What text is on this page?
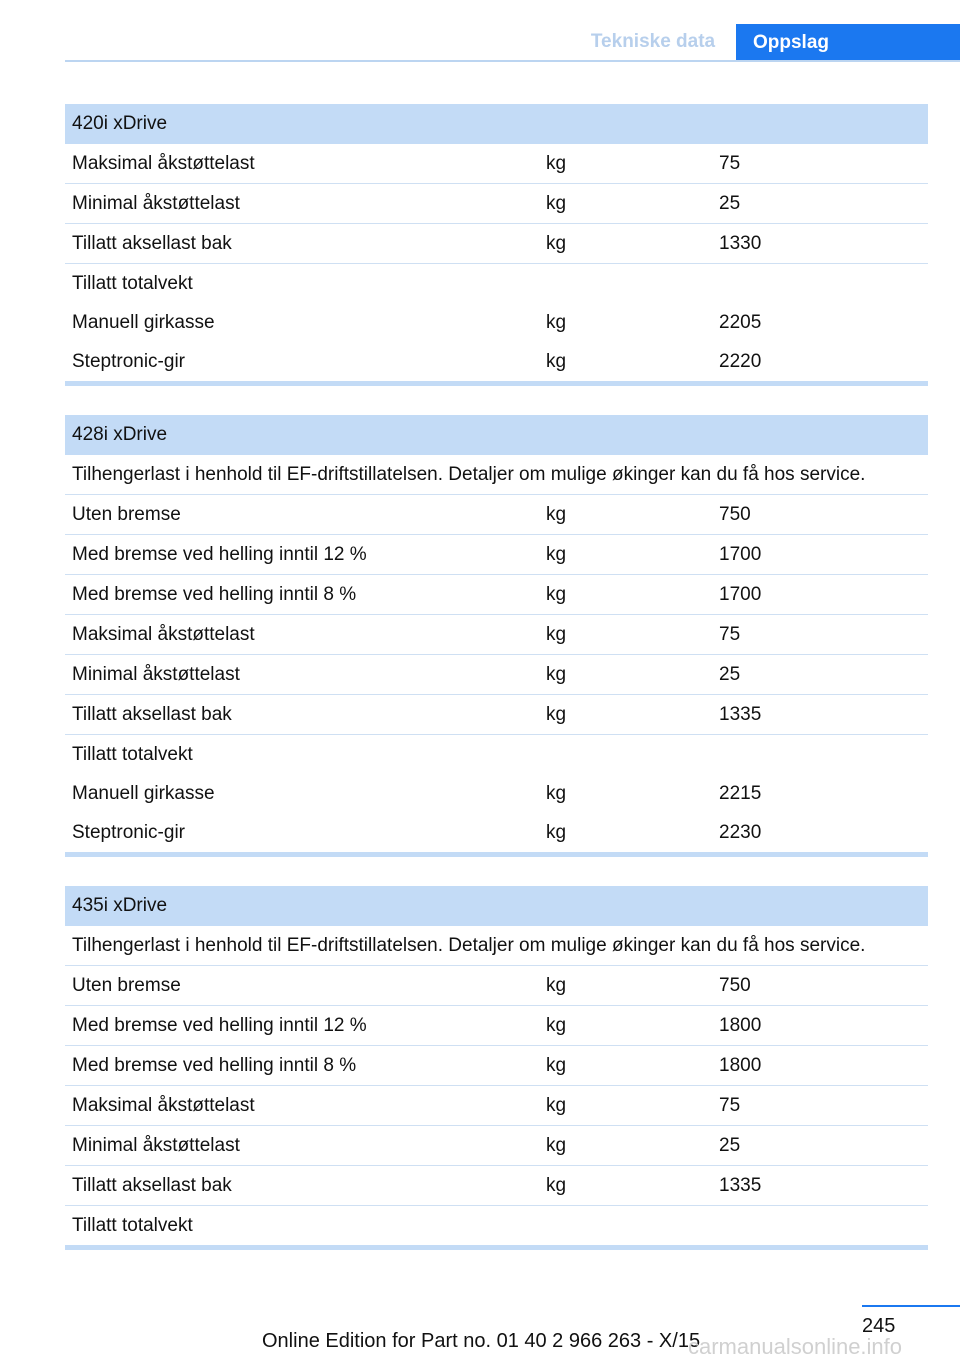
Tekniske data	Oppslag
420i xDrive
Maksimal åkstøttelast	kg	75
Minimal åkstøttelast	kg	25
Tillatt aksellast bak	kg	1330
Tillatt totalvekt
Manuell girkasse	kg	2205
Steptronic-gir	kg	2220
428i xDrive
Tilhengerlast i henhold til EF-driftstillatelsen. Detaljer om mulige økinger kan du få hos service.
Uten bremse	kg	750
Med bremse ved helling inntil 12 %	kg	1700
Med bremse ved helling inntil 8 %	kg	1700
Maksimal åkstøttelast	kg	75
Minimal åkstøttelast	kg	25
Tillatt aksellast bak	kg	1335
Tillatt totalvekt
Manuell girkasse	kg	2215
Steptronic-gir	kg	2230
435i xDrive
Tilhengerlast i henhold til EF-driftstillatelsen. Detaljer om mulige økinger kan du få hos service.
Uten bremse	kg	750
Med bremse ved helling inntil 12 %	kg	1800
Med bremse ved helling inntil 8 %	kg	1800
Maksimal åkstøttelast	kg	75
Minimal åkstøttelast	kg	25
Tillatt aksellast bak	kg	1335
Tillatt totalvekt
245
Online Edition for Part no. 01 40 2 966 263 - X/15
carmanualsonline.info
